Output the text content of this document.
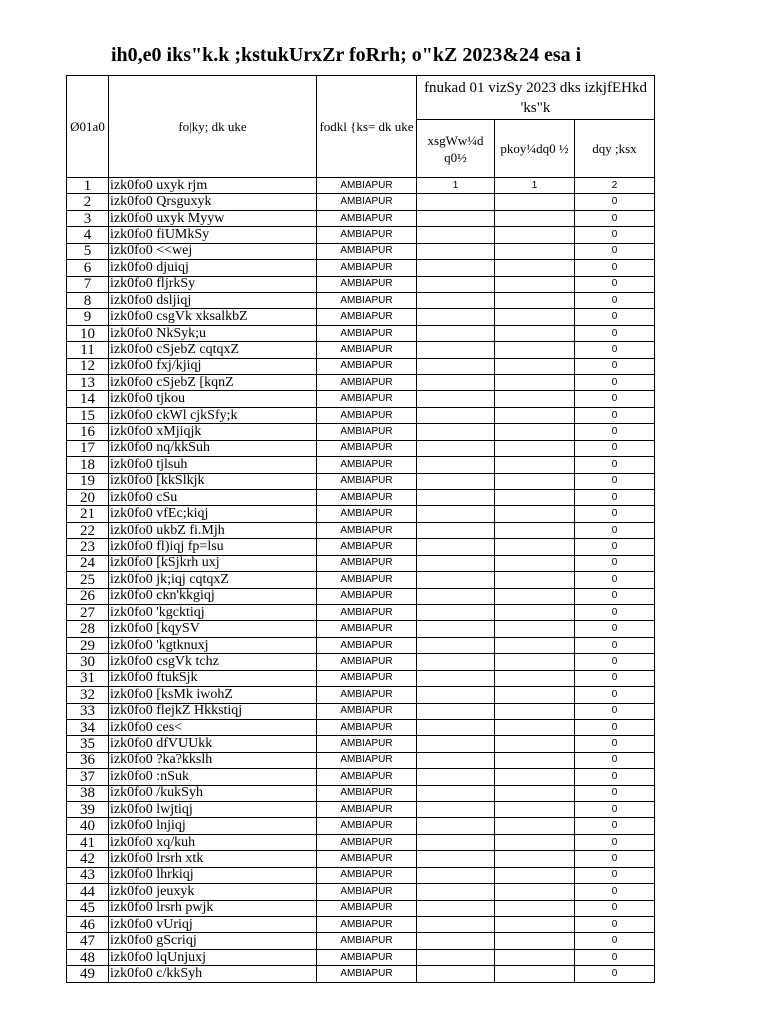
ih0,e0 iks"k.k ;kstukUrxZr foRrh; o"kZ 2023&24 esa i
Ø01a0	fo|ky; dk uke	fodkl {ks= dk uke	fnukad 01 vizSy 2023 dks izkjfEHkd 'ks"k		
			xsgWw¼d q0½	pkoy¼dq0 ½	dqy ;ksx
1	izk0fo0 uxyk rjm	AMBIAPUR	1	1	2
2	izk0fo0 Qrsguxyk	AMBIAPUR			0
3	izk0fo0 uxyk Myyw	AMBIAPUR			0
4	izk0fo0 fiUMkSy	AMBIAPUR			0
5	izk0fo0 <<wej	AMBIAPUR			0
6	izk0fo0 djuiqj	AMBIAPUR			0
7	izk0fo0 fljrkSy	AMBIAPUR			0
8	izk0fo0 dsljiqj	AMBIAPUR			0
9	izk0fo0 csgVk xksalkbZ	AMBIAPUR			0
10	izk0fo0 NkSyk;u	AMBIAPUR			0
11	izk0fo0 cSjebZ cqtqxZ	AMBIAPUR			0
12	izk0fo0 fxj/kjiqj	AMBIAPUR			0
13	izk0fo0 cSjebZ [kqnZ	AMBIAPUR			0
14	izk0fo0 tjkou	AMBIAPUR			0
15	izk0fo0 ckWl cjkSfy;k	AMBIAPUR			0
16	izk0fo0 xMjiqjk	AMBIAPUR			0
17	izk0fo0 nq/kkSuh	AMBIAPUR			0
18	izk0fo0 tjlsuh	AMBIAPUR			0
19	izk0fo0 [kkSlkjk	AMBIAPUR			0
20	izk0fo0 cSu	AMBIAPUR			0
21	izk0fo0 vfEc;kiqj	AMBIAPUR			0
22	izk0fo0 ukbZ fi.Mjh	AMBIAPUR			0
23	izk0fo0 fl)iqj fp=lsu	AMBIAPUR			0
24	izk0fo0 [kSjkrh uxj	AMBIAPUR			0
25	izk0fo0 jk;iqj cqtqxZ	AMBIAPUR			0
26	izk0fo0 ckn'kkgiqj	AMBIAPUR			0
27	izk0fo0 'kgcktiqj	AMBIAPUR			0
28	izk0fo0 [kqySV	AMBIAPUR			0
29	izk0fo0 'kgtknuxj	AMBIAPUR			0
30	izk0fo0 csgVk tchz	AMBIAPUR			0
31	izk0fo0 ftukSjk	AMBIAPUR			0
32	izk0fo0 [ksMk iwohZ	AMBIAPUR			0
33	izk0fo0 flejkZ Hkkstiqj	AMBIAPUR			0
34	izk0fo0 ces<	AMBIAPUR			0
35	izk0fo0 dfVUUkk	AMBIAPUR			0
36	izk0fo0 ?ka?kkslh	AMBIAPUR			0
37	izk0fo0 :nSuk	AMBIAPUR			0
38	izk0fo0 /kukSyh	AMBIAPUR			0
39	izk0fo0 lwjtiqj	AMBIAPUR			0
40	izk0fo0 lnjiqj	AMBIAPUR			0
41	izk0fo0 xq/kuh	AMBIAPUR			0
42	izk0fo0 lrsrh xtk	AMBIAPUR			0
43	izk0fo0 lhrkiqj	AMBIAPUR			0
44	izk0fo0 jeuxyk	AMBIAPUR			0
45	izk0fo0 lrsrh pwjk	AMBIAPUR			0
46	izk0fo0 vUriqj	AMBIAPUR			0
47	izk0fo0 gScriqj	AMBIAPUR			0
48	izk0fo0 lqUnjuxj	AMBIAPUR			0
49	izk0fo0 c/kkSyh	AMBIAPUR			0
